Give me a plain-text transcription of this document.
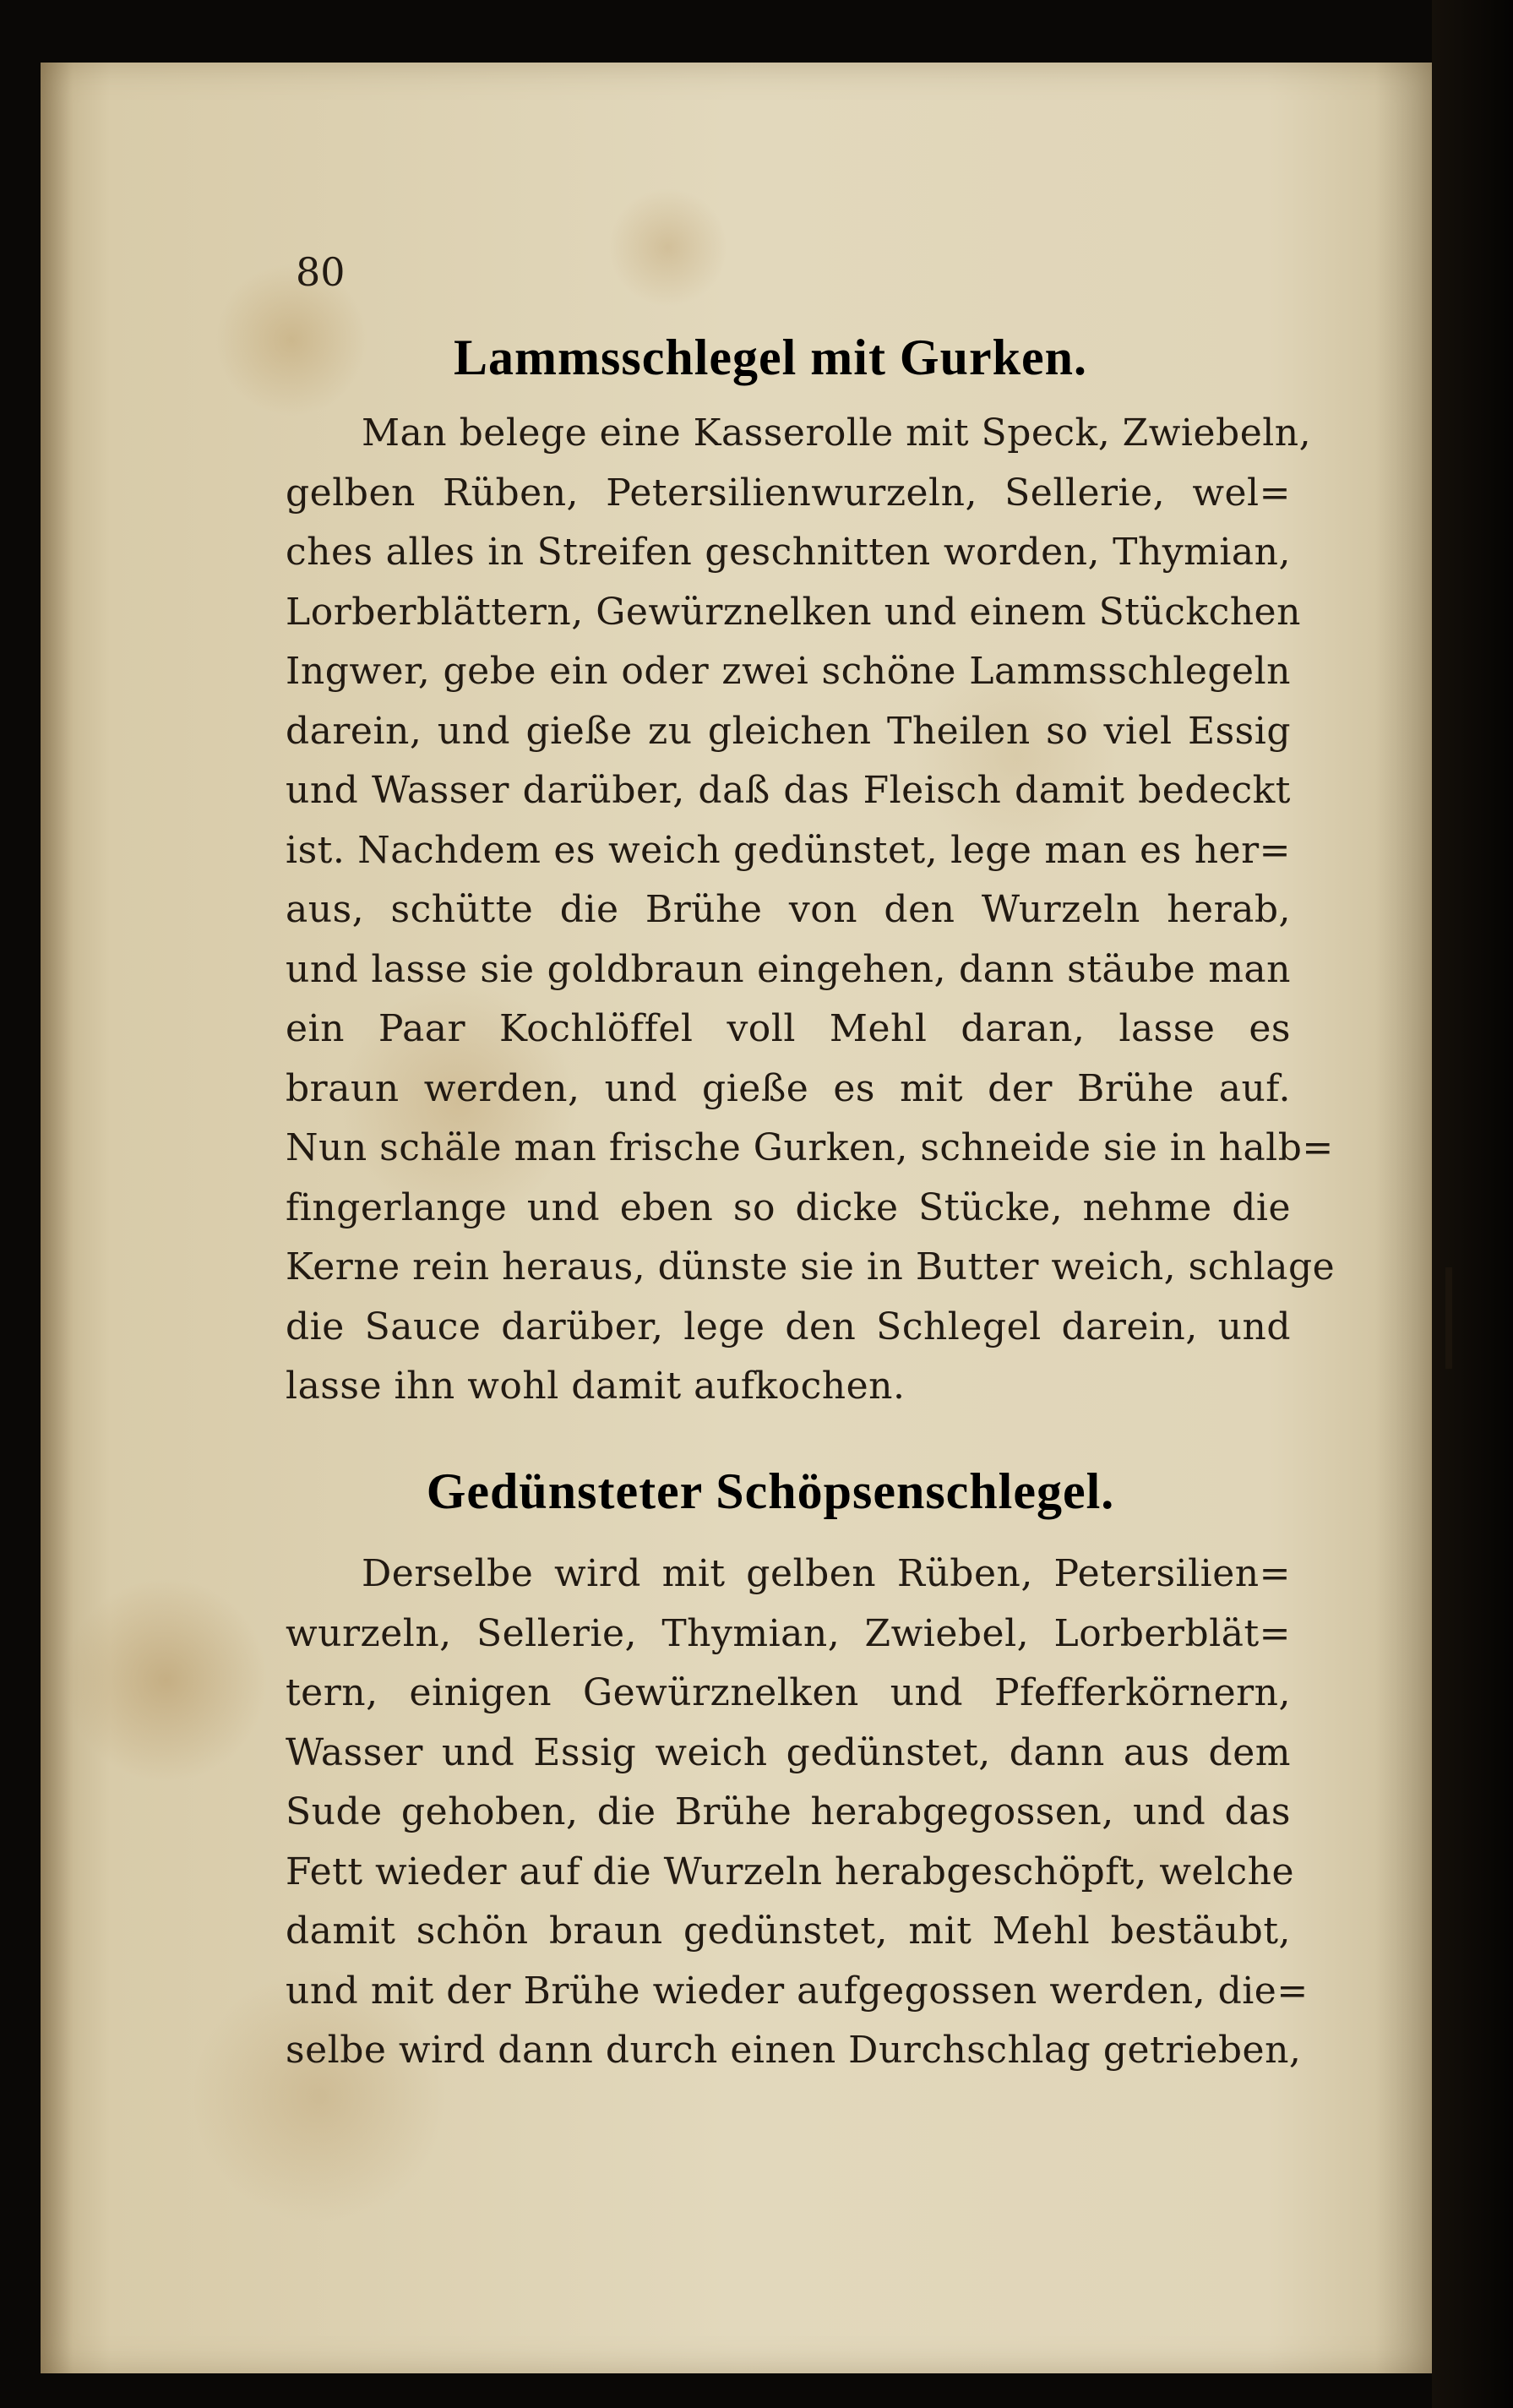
80
Lammsschlegel mit Gurken.

Man belege eine Kasserolle mit Speck, Zwiebeln,
gelben Rüben, Petersilienwurzeln, Sellerie, wel=
ches alles in Streifen geschnitten worden, Thymian,
Lorberblättern, Gewürznelken und einem Stückchen
Ingwer, gebe ein oder zwei schöne Lammsschlegeln
darein, und gieße zu gleichen Theilen so viel Essig
und Wasser darüber, daß das Fleisch damit bedeckt
ist. Nachdem es weich gedünstet, lege man es her=
aus, schütte die Brühe von den Wurzeln herab,
und lasse sie goldbraun eingehen, dann stäube man
ein Paar Kochlöffel voll Mehl daran, lasse es
braun werden, und gieße es mit der Brühe auf.
Nun schäle man frische Gurken, schneide sie in halb=
fingerlange und eben so dicke Stücke, nehme die
Kerne rein heraus, dünste sie in Butter weich, schlage
die Sauce darüber, lege den Schlegel darein, und
lasse ihn wohl damit aufkochen.

Gedünsteter Schöpsenschlegel.

Derselbe wird mit gelben Rüben, Petersilien=
wurzeln, Sellerie, Thymian, Zwiebel, Lorberblät=
tern, einigen Gewürznelken und Pfefferkörnern,
Wasser und Essig weich gedünstet, dann aus dem
Sude gehoben, die Brühe herabgegossen, und das
Fett wieder auf die Wurzeln herabgeschöpft, welche
damit schön braun gedünstet, mit Mehl bestäubt,
und mit der Brühe wieder aufgegossen werden, die=
selbe wird dann durch einen Durchschlag getrieben,
